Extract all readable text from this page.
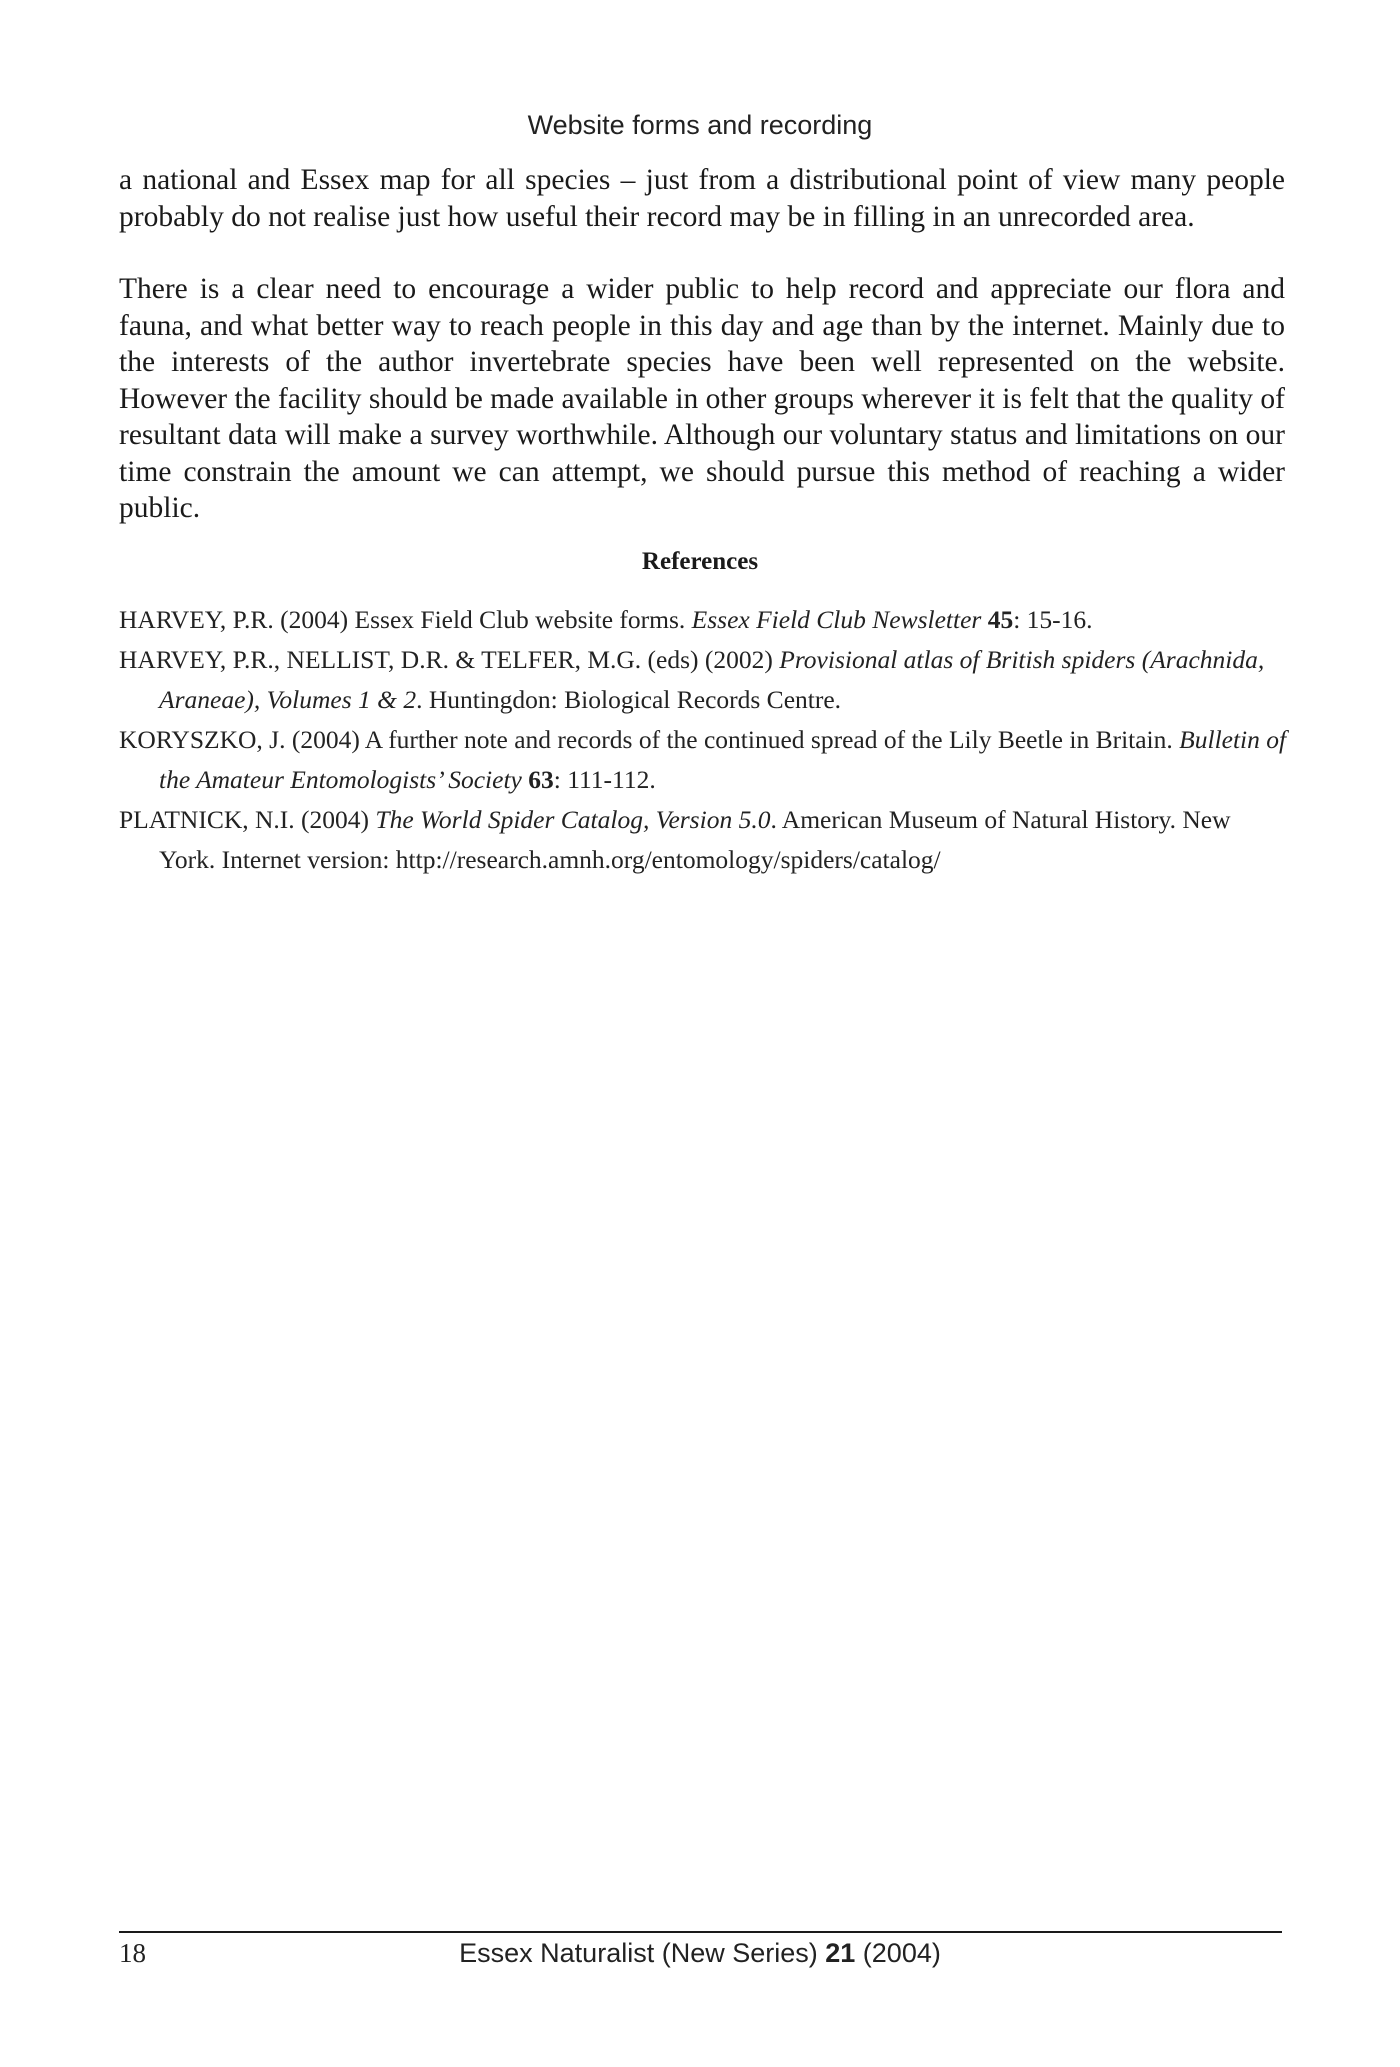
Website forms and recording

a national and Essex map for all species – just from a distributional point of view many people probably do not realise just how useful their record may be in filling in an unrecorded area.

There is a clear need to encourage a wider public to help record and appreciate our flora and fauna, and what better way to reach people in this day and age than by the internet. Mainly due to the interests of the author invertebrate species have been well represented on the website. However the facility should be made available in other groups wherever it is felt that the quality of resultant data will make a survey worthwhile. Although our voluntary status and limitations on our time constrain the amount we can attempt, we should pursue this method of reaching a wider public.

References

HARVEY, P.R. (2004) Essex Field Club website forms. Essex Field Club Newsletter 45: 15-16.

HARVEY, P.R., NELLIST, D.R. & TELFER, M.G. (eds) (2002) Provisional atlas of British spiders (Arachnida, Araneae), Volumes 1 & 2. Huntingdon: Biological Records Centre.

KORYSZKO, J. (2004) A further note and records of the continued spread of the Lily Beetle in Britain. Bulletin of the Amateur Entomologists’ Society 63: 111-112.

PLATNICK, N.I. (2004) The World Spider Catalog, Version 5.0. American Museum of Natural History. New York. Internet version: http://research.amnh.org/entomology/spiders/catalog/

18	Essex Naturalist (New Series) 21 (2004)
